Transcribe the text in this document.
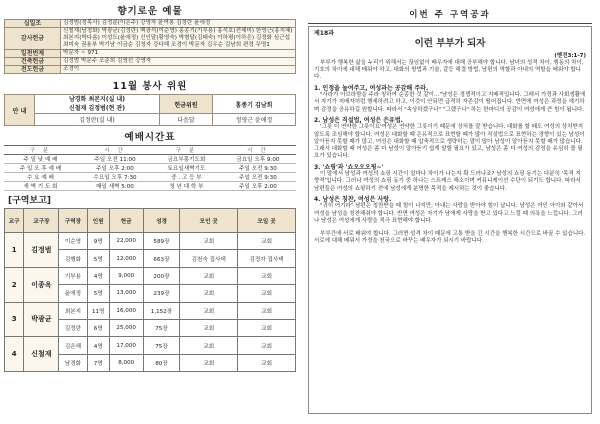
향기로운 예물
십일조	김정범(정목사) 김정분(이은주) 강영자 윤여봉 김정란 윤애정
감사헌금	신철재(남정화) 박광균(김정란) 백광석(이순영) 홍종기(기부용) 홍석호(전혜미) 한영근(홍지혜) 최본지(박다솜) 이성도(윤애정) 신인달(황영숙) 박형달(김태숙) 이하평(이하은) 김정화 심근섭 최미숙 권용부 박기남 이금순 김청자 강다해 조경이 박문자 김우순 김남희 편경 무명1
일천번제	박문자 ~ 971
건축헌금	김정범 박문주 조준희 김영선 강영자
전도헌금	조경이
11월 봉사 위원
안 내	남경화 최본지(실 내)
신철재 김정범(현 관)	헌금위원	홍종기 김남희

	김정란(실 내)	다음달	정영근 윤애정
예배시간표
구 분	시 간	구 분	시 간
주 일 낮 예 배	주일 오전 11:00	금요부흥기도회	금요일 오후 9:00
주 일 오 후 예 배	주일 오후 2:00	토요일새벽기도	주일 오전 9:30
수 요 예 배	수요일 오후 7:30	중 . 고 등 부	주일 오전 9:30
새 벽 기 도 회	매일 새벽 5:00	청 년 대 학 부	주일 오후 2:00
[구역보고]
교구	교구장	구역장	인원	헌금	성경	모인 곳	모일 곳
1	김정범	이순영	9명	22,000	589장	교회	교회
		김행화	5명	12,000	663장	김천숙 집사댁	김정자 집사댁
2	이종옥	기부용	4명	9,000	200장	교회	교회
		윤애정	5명	13,000	239장	교회	교회
3	박광균	최본지	11명	16,000	1,152장	교회	교회
		김정란	6명	25,000	75장	교회	교회
4	신철재	김은해	4명	17,000	75장	교회	교회
		남경화	7명	8,000	80장	교회	교회
이번 주 구역공과
제18과
이런 부부가 되자
(벧전3:1-7)

부부가 행복한 삶을 누리기 위해서는 끊임없이 배우자에 대해 공부해야 합니다. 남녀의 성격 차이, 행동의 차이, 기호의 차이에 대해 배워야 하고, 대화의 방법과 기술, 갈등 해결 방법, 남편의 역할과 아내의 역할을 배워야 합니다.

1. 인정을 높여주고, 여성과는 공감해 주라.

"사라가 아브라함을 주라 칭하여 순종한 것 같이…"남성은 경쟁적이고 지배적입니다. 그래서 가정과 사회생활에서 자기가 지배자처럼 행세하려고 하고, 이것이 안되면 급격히 자존감이 떨어집니다. 반면에 여성은 과정을 얘기하며 감정을 공유하길 원합니다. 따라서 "속상하겠구나" "그랬구나" 하는 한마디의 공감이 여성에게 큰 힘이 됩니다.

2. 남성은 직설법, 여성은 은유법.

'그릇 더 연약한 그릇이요'여성은 연약한 그릇이기 때문에 상처를 잘 받습니다. 대화를 할 때도 여성의 상처받지 않도록 조심해야 합니다. 여성은 대화할 때 은유적으로 표현할 때가 많아 직설법으로 표현하는 경향이 있는 남성이 알아듣지 못할 때가 많고, 여성은 대화할 때 압축적으로 생략하는 말이 많아 남성이 알아듣지 못할 때가 많습니다. 그래서 대화할 때 여성은 좀 더 남성이 알아듣기 쉽게 말할 필요가 있고, 남성은 좀 더 여성의 감정을 유심히 볼 필요가 있습니다.

3. '쇼핑'과 '쇼오오오핑~'

이 말에서 남성과 여성의 쇼핑 시간이 얼마나 차이가 나는지 확 드러나죠? 남성의 쇼핑 동기는 다분히 '목적 지향적'입니다. 그러나 여성의 쇼핑 동기 중 하나는 스트레스 해소이며 커뮤니케이션 수단이 되기도 합니다. 따라서 남편들은 여성의 쇼핑하기 전에 남성에게 분명한 목적을 제시하는 것이 좋습니다.

4. 남성은 칭찬, 여성은 사랑.

"귀히 여기라" 남편은 칭찬받을 때 힘이 나지만, 아내는 사랑을 받아야 힘이 납니다. 남성은 여인 아이와 같아서 여성을 남성을 칭찬해줘야 합니다. 반면 여성은 자기가 남에게 사랑을 받고 있다고 느낄 때 의욕을 느낍니다. 그러나 남성은 여성에게 사랑을 적극 표현해야 합니다.

부부간에 서로 배워야 합니다. 그러면 성격 차이 때문에 고통 받을 긴 시간을 행복한 시간으로 바꿀 수 있습니다. 서로에 대해 배워서 가정을 천국으로 바꾸는 배우자가 되시기 바랍니다.
